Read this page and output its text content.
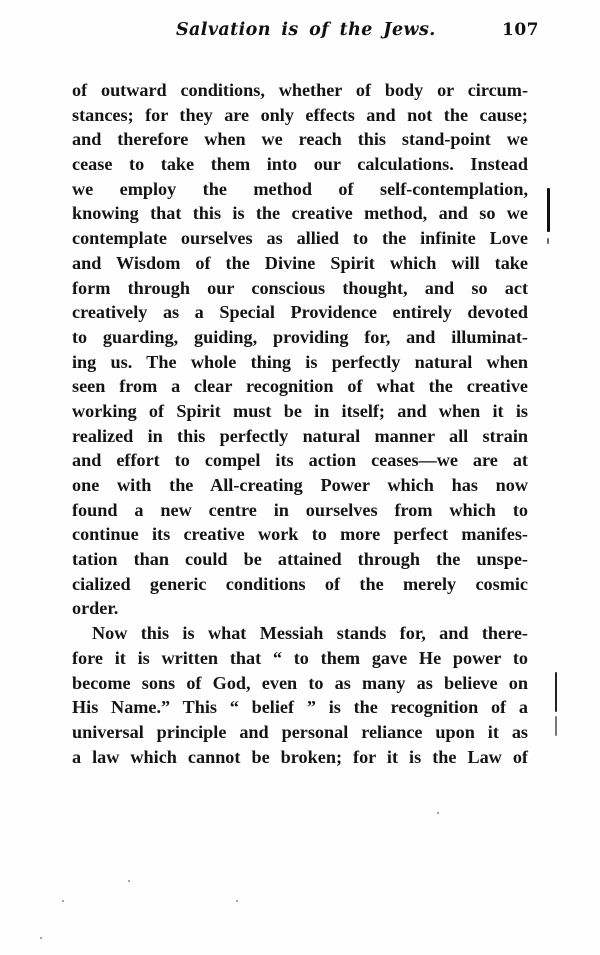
Salvation is of the Jews.	107
of outward conditions, whether of body or circum-
stances; for they are only effects and not the cause;
and therefore when we reach this stand-point we
cease to take them into our calculations. Instead
we employ the method of self-contemplation,
knowing that this is the creative method, and so we
contemplate ourselves as allied to the infinite Love
and Wisdom of the Divine Spirit which will take
form through our conscious thought, and so act
creatively as a Special Providence entirely devoted
to guarding, guiding, providing for, and illuminat-
ing us. The whole thing is perfectly natural when
seen from a clear recognition of what the creative
working of Spirit must be in itself; and when it is
realized in this perfectly natural manner all strain
and effort to compel its action ceases—we are at
one with the All-creating Power which has now
found a new centre in ourselves from which to
continue its creative work to more perfect manifes-
tation than could be attained through the unspe-
cialized generic conditions of the merely cosmic
order.
Now this is what Messiah stands for, and there-
fore it is written that “ to them gave He power to
become sons of God, even to as many as believe on
His Name.” This “ belief ” is the recognition of a
universal principle and personal reliance upon it as
a law which cannot be broken; for it is the Law of
